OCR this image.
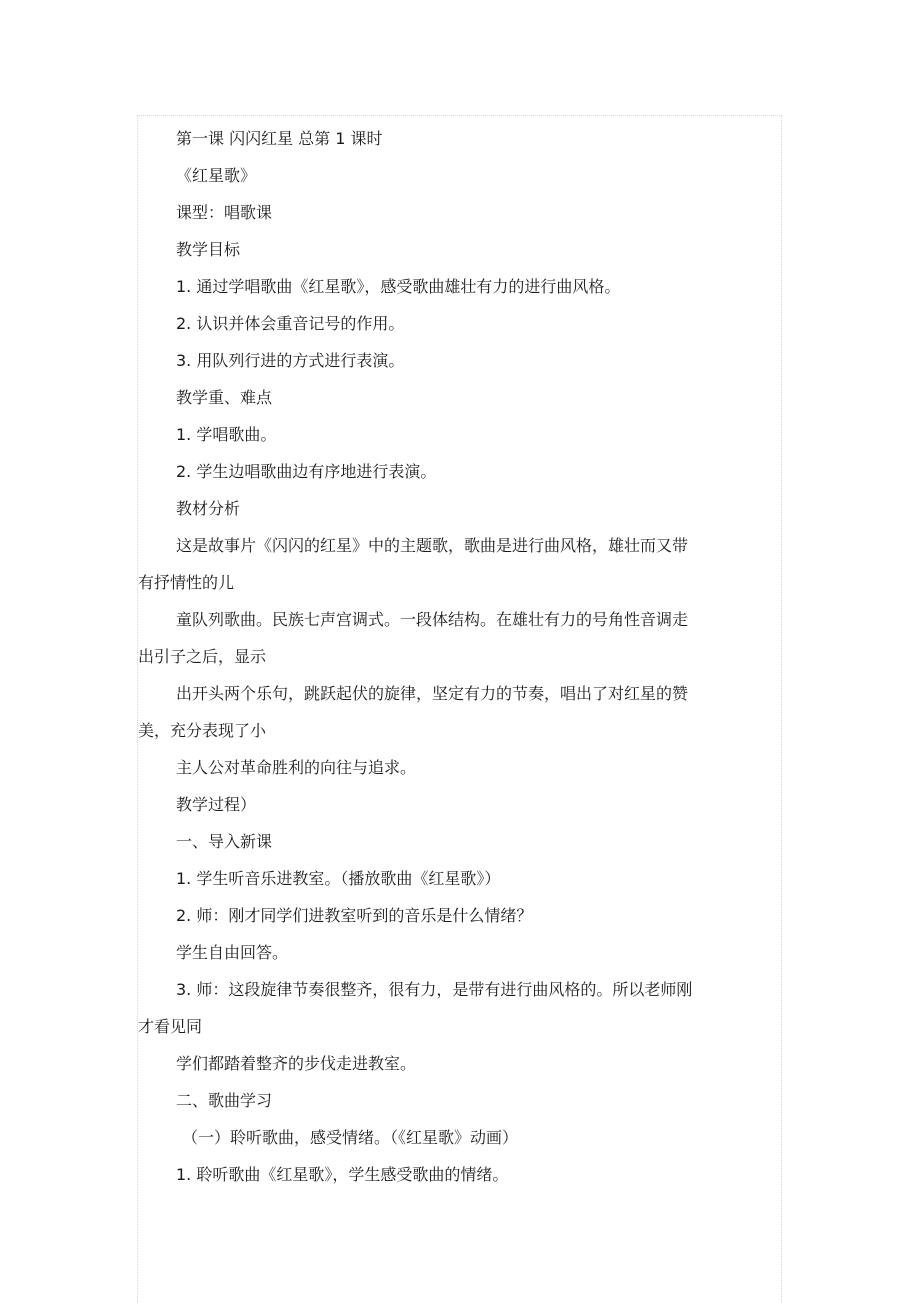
第一课 闪闪红星 总第 1 课时
《红星歌》
课型：唱歌课
教学目标
1. 通过学唱歌曲《红星歌》，感受歌曲雄壮有力的进行曲风格。
2. 认识并体会重音记号的作用。
3. 用队列行进的方式进行表演。
教学重、难点
1. 学唱歌曲。
2. 学生边唱歌曲边有序地进行表演。
教材分析
这是故事片《闪闪的红星》中的主题歌，歌曲是进行曲风格，雄壮而又带
有抒情性的儿
童队列歌曲。民族七声宫调式。一段体结构。在雄壮有力的号角性音调走
出引子之后，显示
出开头两个乐句，跳跃起伏的旋律，坚定有力的节奏，唱出了对红星的赞
美，充分表现了小
主人公对革命胜利的向往与追求。
教学过程）
一、导入新课
1. 学生听音乐进教室。（播放歌曲《红星歌》）
2. 师：刚才同学们进教室听到的音乐是什么情绪？
学生自由回答。
3. 师：这段旋律节奏很整齐，很有力，是带有进行曲风格的。所以老师刚
才看见同
学们都踏着整齐的步伐走进教室。
二、歌曲学习
（一）聆听歌曲，感受情绪。（《红星歌》动画）
1. 聆听歌曲《红星歌》，学生感受歌曲的情绪。
